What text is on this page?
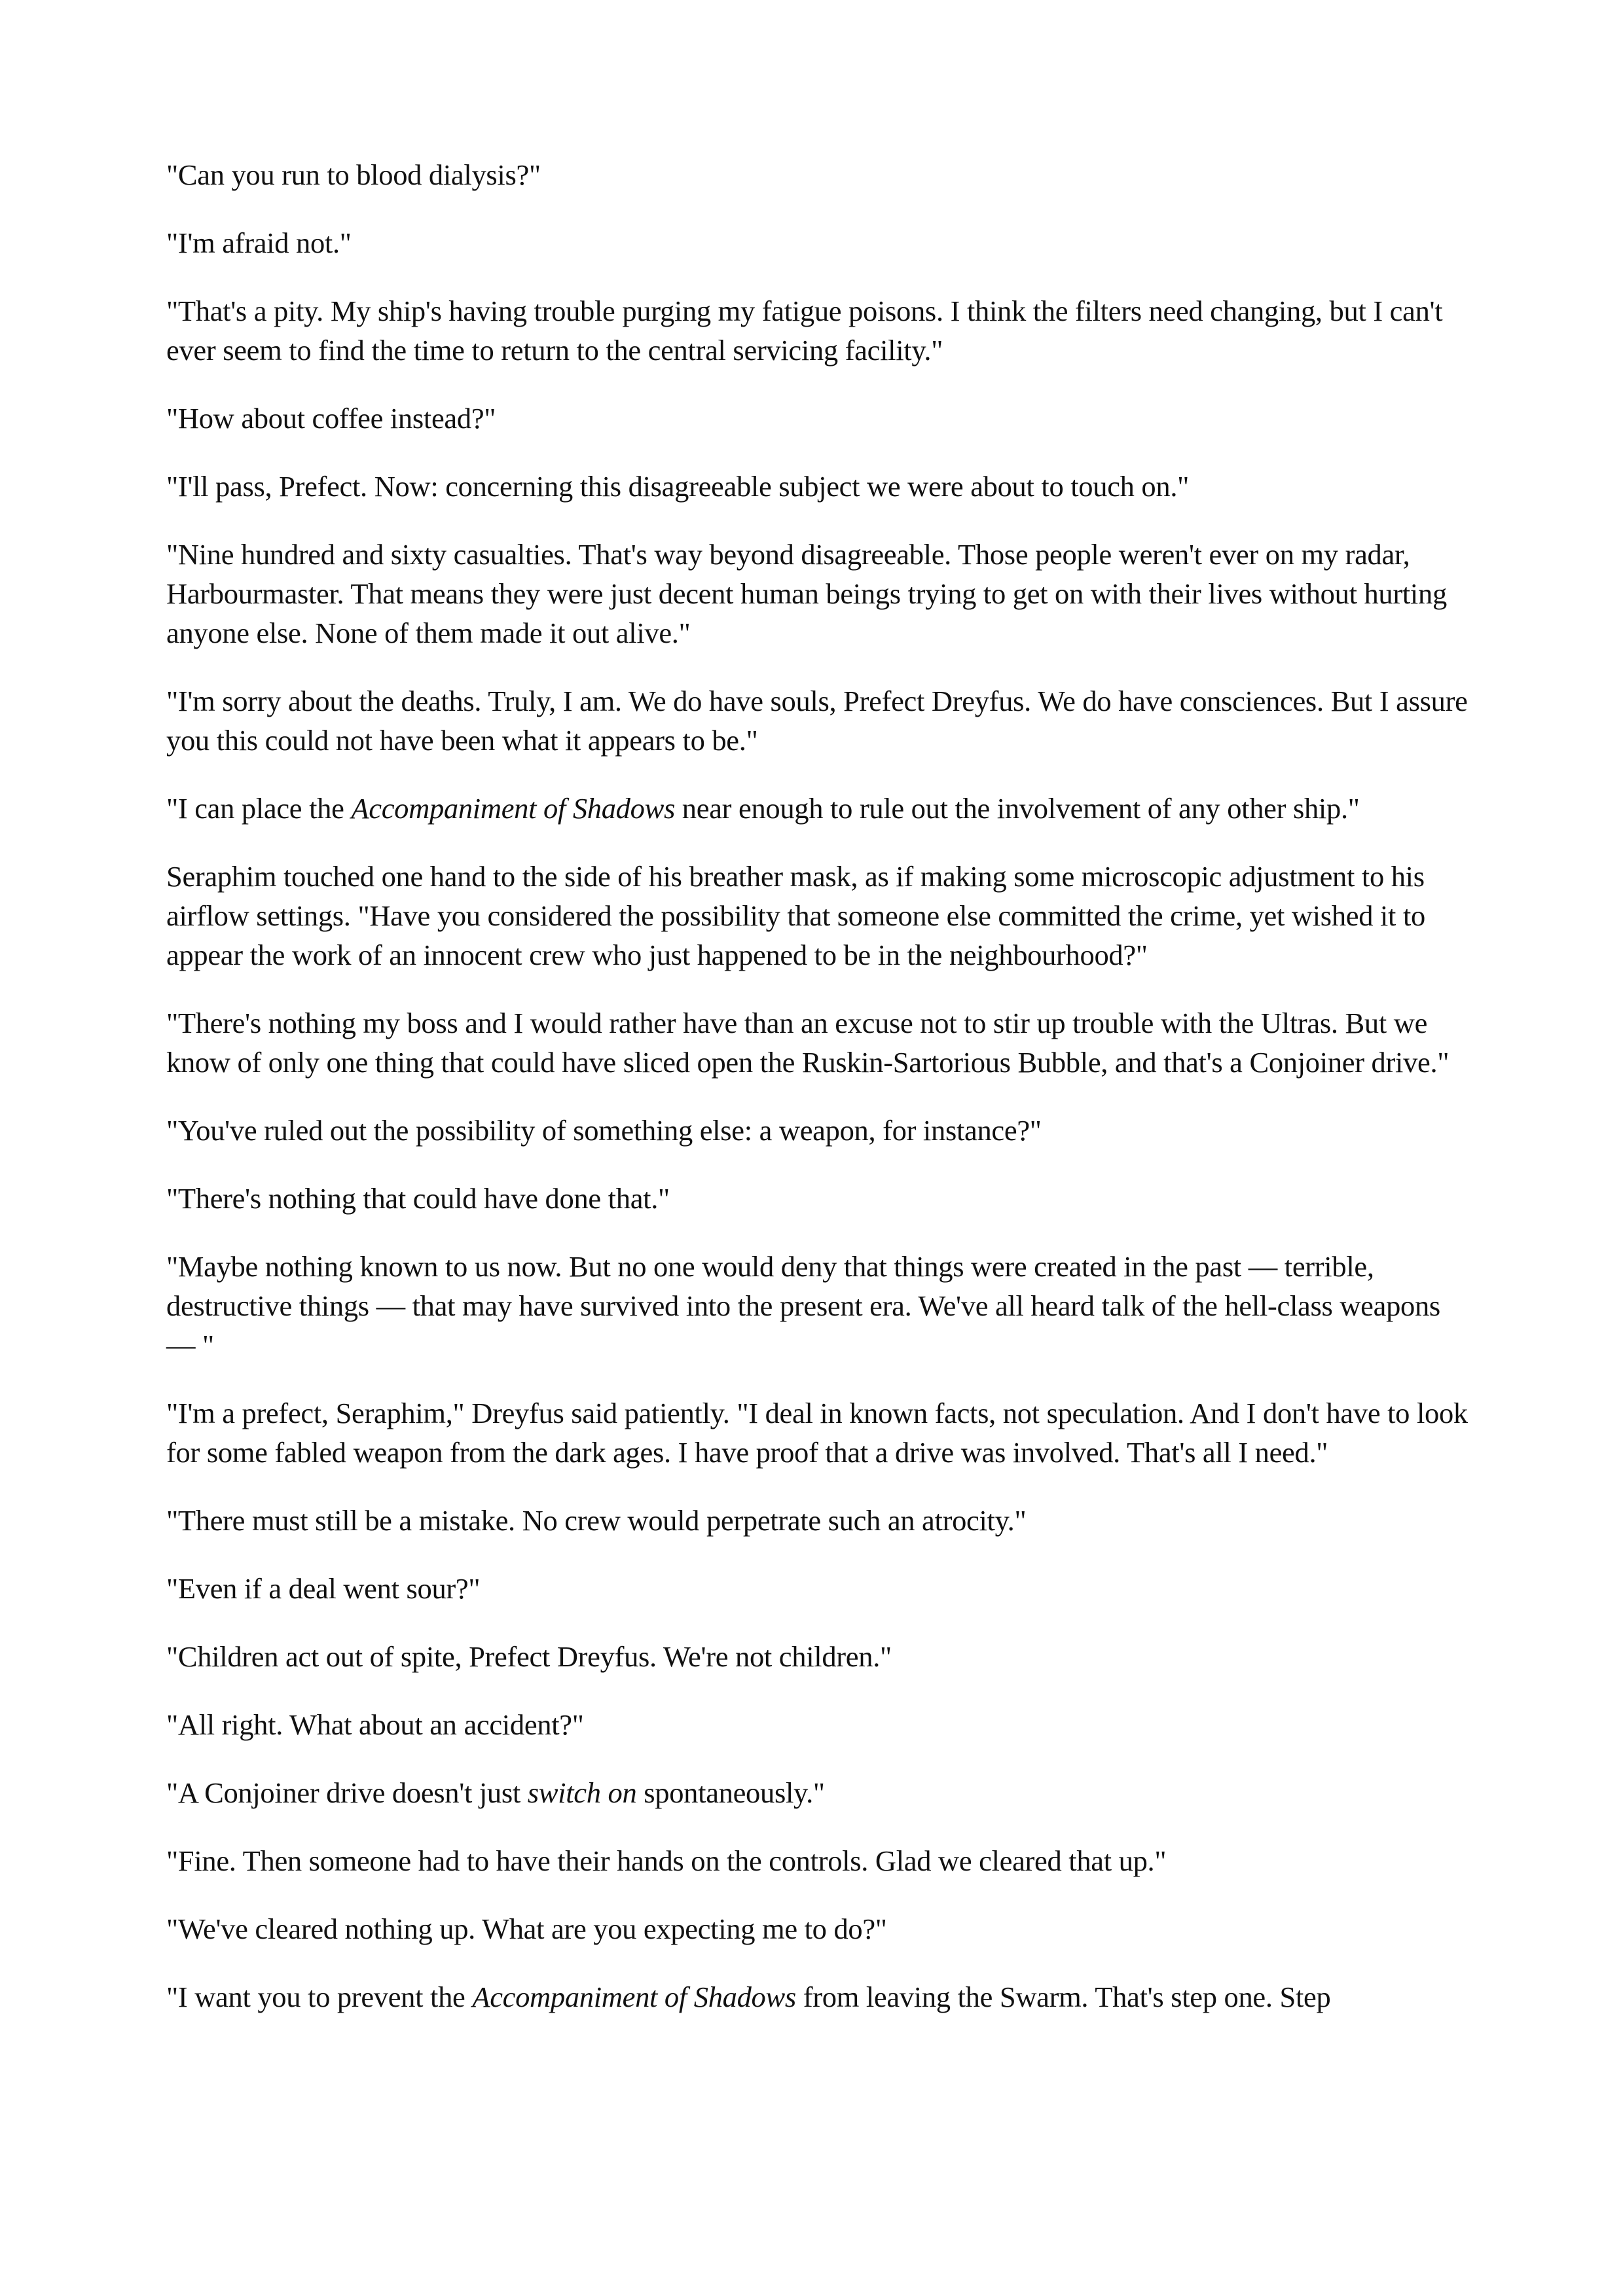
"Can you run to blood dialysis?"

"I'm afraid not."

"That's a pity. My ship's having trouble purging my fatigue poisons. I think the filters need changing, but I can't ever seem to find the time to return to the central servicing facility."

"How about coffee instead?"

"I'll pass, Prefect. Now: concerning this disagreeable subject we were about to touch on."

"Nine hundred and sixty casualties. That's way beyond disagreeable. Those people weren't ever on my radar, Harbourmaster. That means they were just decent human beings trying to get on with their lives without hurting anyone else. None of them made it out alive."

"I'm sorry about the deaths. Truly, I am. We do have souls, Prefect Dreyfus. We do have consciences. But I assure you this could not have been what it appears to be."

"I can place the Accompaniment of Shadows near enough to rule out the involvement of any other ship."

Seraphim touched one hand to the side of his breather mask, as if making some microscopic adjustment to his airflow settings. "Have you considered the possibility that someone else committed the crime, yet wished it to appear the work of an innocent crew who just happened to be in the neighbourhood?"

"There's nothing my boss and I would rather have than an excuse not to stir up trouble with the Ultras. But we know of only one thing that could have sliced open the Ruskin-Sartorious Bubble, and that's a Conjoiner drive."

"You've ruled out the possibility of something else: a weapon, for instance?"

"There's nothing that could have done that."

"Maybe nothing known to us now. But no one would deny that things were created in the past — terrible, destructive things — that may have survived into the present era. We've all heard talk of the hell-class weapons — "

"I'm a prefect, Seraphim," Dreyfus said patiently. "I deal in known facts, not speculation. And I don't have to look for some fabled weapon from the dark ages. I have proof that a drive was involved. That's all I need."

"There must still be a mistake. No crew would perpetrate such an atrocity."

"Even if a deal went sour?"

"Children act out of spite, Prefect Dreyfus. We're not children."

"All right. What about an accident?"

"A Conjoiner drive doesn't just switch on spontaneously."

"Fine. Then someone had to have their hands on the controls. Glad we cleared that up."

"We've cleared nothing up. What are you expecting me to do?"

"I want you to prevent the Accompaniment of Shadows from leaving the Swarm. That's step one. Step
